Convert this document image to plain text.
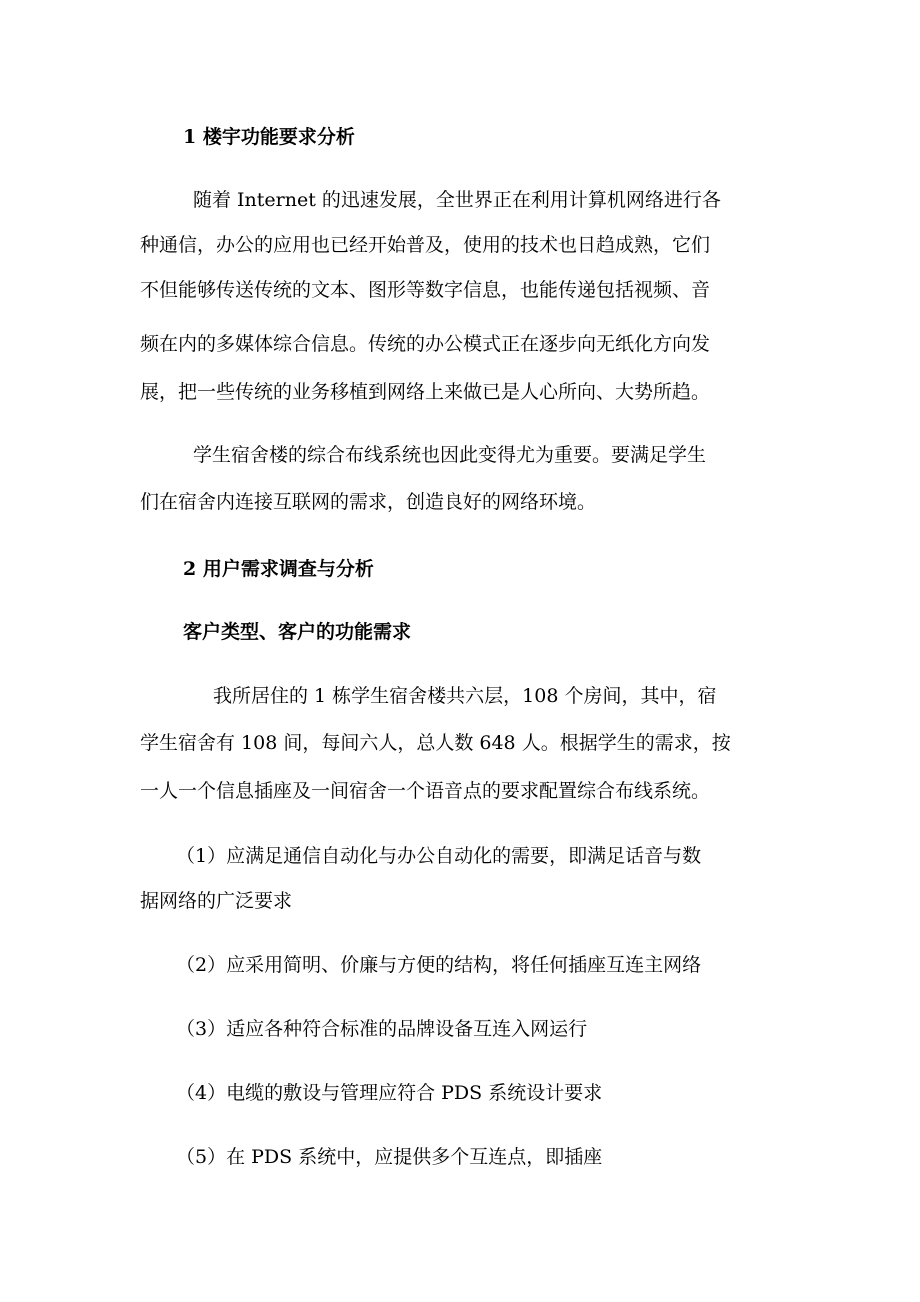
1 楼宇功能要求分析
随着 Internet 的迅速发展，全世界正在利用计算机网络进行各
种通信，办公的应用也已经开始普及，使用的技术也日趋成熟，它们
不但能够传送传统的文本、图形等数字信息，也能传递包括视频、音
频在内的多媒体综合信息。传统的办公模式正在逐步向无纸化方向发
展，把一些传统的业务移植到网络上来做已是人心所向、大势所趋。
学生宿舍楼的综合布线系统也因此变得尤为重要。要满足学生
们在宿舍内连接互联网的需求，创造良好的网络环境。
2 用户需求调查与分析
客户类型、客户的功能需求
我所居住的 1 栋学生宿舍楼共六层，108 个房间，其中，宿
学生宿舍有 108 间，每间六人，总人数 648 人。根据学生的需求，按
一人一个信息插座及一间宿舍一个语音点的要求配置综合布线系统。
（1）应满足通信自动化与办公自动化的需要，即满足话音与数
据网络的广泛要求
（2）应采用简明、价廉与方便的结构，将任何插座互连主网络
（3）适应各种符合标准的品牌设备互连入网运行
（4）电缆的敷设与管理应符合 PDS 系统设计要求
（5）在 PDS 系统中，应提供多个互连点，即插座
